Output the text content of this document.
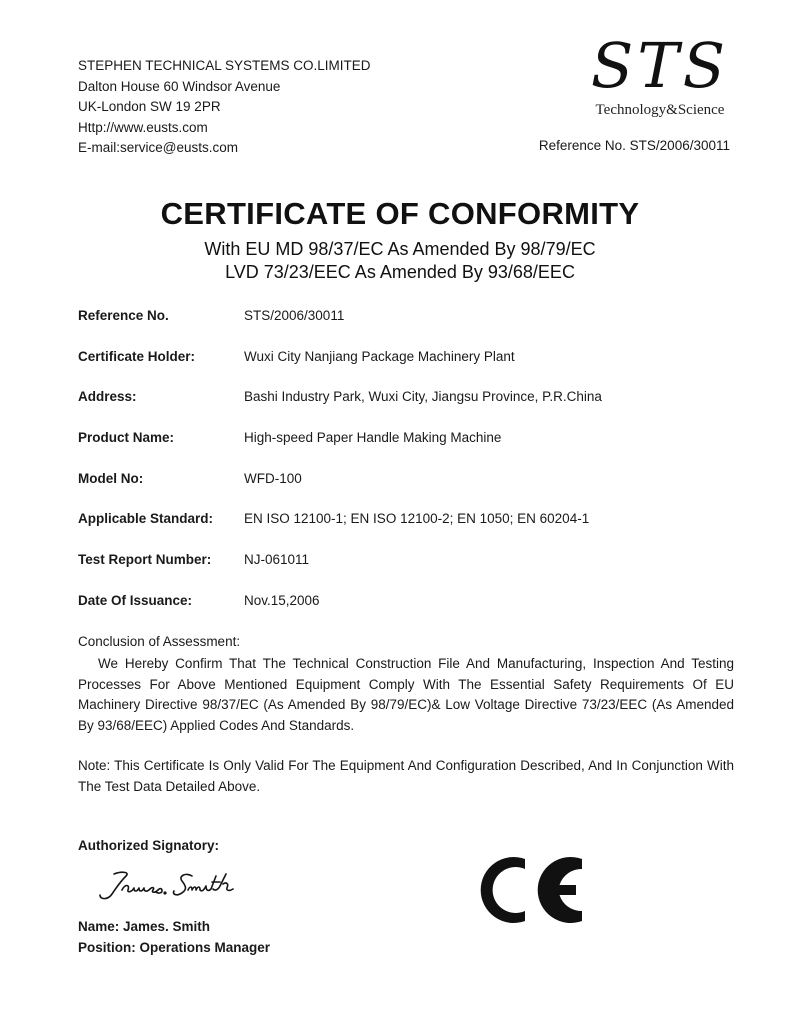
STEPHEN TECHNICAL SYSTEMS CO.LIMITED
Dalton House 60 Windsor Avenue
UK-London SW 19 2PR
Http://www.eusts.com
E-mail:service@eusts.com
STS
Technology&Science
Reference No. STS/2006/30011
CERTIFICATE OF CONFORMITY
With EU MD 98/37/EC As Amended By 98/79/EC
LVD 73/23/EEC As Amended By 93/68/EEC
Reference No.	STS/2006/30011
Certificate Holder:	Wuxi City Nanjiang Package Machinery Plant
Address:	Bashi Industry Park, Wuxi City, Jiangsu Province, P.R.China
Product Name:	High-speed Paper Handle Making Machine
Model No:	WFD-100
Applicable Standard: EN ISO 12100-1; EN ISO 12100-2; EN 1050; EN 60204-1
Test Report Number: NJ-061011
Date Of Issuance:	Nov.15,2006
Conclusion of Assessment:
We Hereby Confirm That The Technical Construction File And Manufacturing, Inspection And Testing Processes For Above Mentioned Equipment Comply With The Essential Safety Requirements Of EU Machinery Directive 98/37/EC (As Amended By 98/79/EC)& Low Voltage Directive 73/23/EEC (As Amended By 93/68/EEC) Applied Codes And Standards.
Note: This Certificate Is Only Valid For The Equipment And Configuration Described, And In Conjunction With The Test Data Detailed Above.
Authorized Signatory:
Name: James. Smith
Position: Operations Manager
